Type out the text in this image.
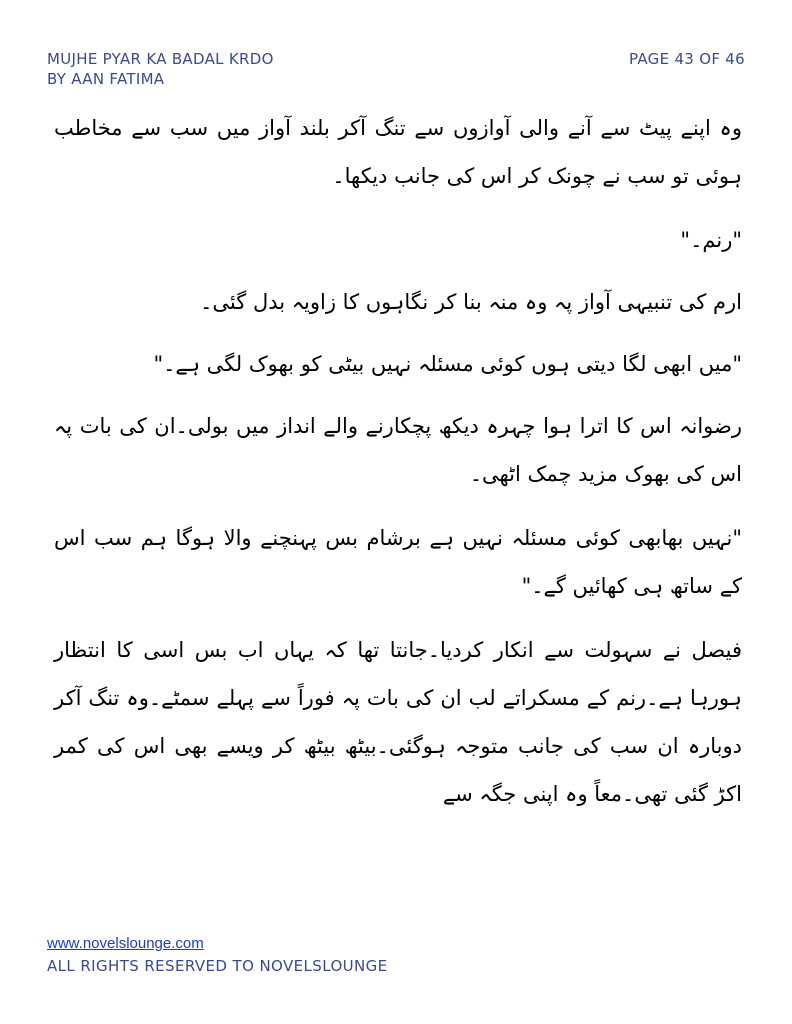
MUJHE PYAR KA BADAL KRDO
BY AAN FATIMA
PAGE 43 OF 46

وہ اپنے پیٹ سے آنے والی آوازوں سے تنگ آکر بلند آواز میں سب سے مخاطب ہوئی تو سب نے چونک کر اس کی جانب دیکھا۔

"رنم۔"

ارم کی تنبیہی آواز پہ وہ منہ بنا کر نگاہوں کا زاویہ بدل گئی۔

"میں ابھی لگا دیتی ہوں کوئی مسئلہ نہیں بیٹی کو بھوک لگی ہے۔"

رضوانہ اس کا اترا ہوا چہرہ دیکھ پچکارنے والے انداز میں بولی۔ان کی بات پہ اس کی بھوک مزید چمک اٹھی۔

"نہیں بھابھی کوئی مسئلہ نہیں ہے برشام بس پہنچنے والا ہوگا ہم سب اس کے ساتھ ہی کھائیں گے۔"

فیصل نے سہولت سے انکار کردیا۔جانتا تھا کہ یہاں اب بس اسی کا انتظار ہورہا ہے۔رنم کے مسکراتے لب ان کی بات پہ فوراً سے پہلے سمٹے۔وہ تنگ آکر دوبارہ ان سب کی جانب متوجہ ہوگئی۔بیٹھ بیٹھ کر ویسے بھی اس کی کمر اکڑ گئی تھی۔معاً وہ اپنی جگہ سے

www.novelslounge.com
ALL RIGHTS RESERVED TO NOVELSLOUNGE
